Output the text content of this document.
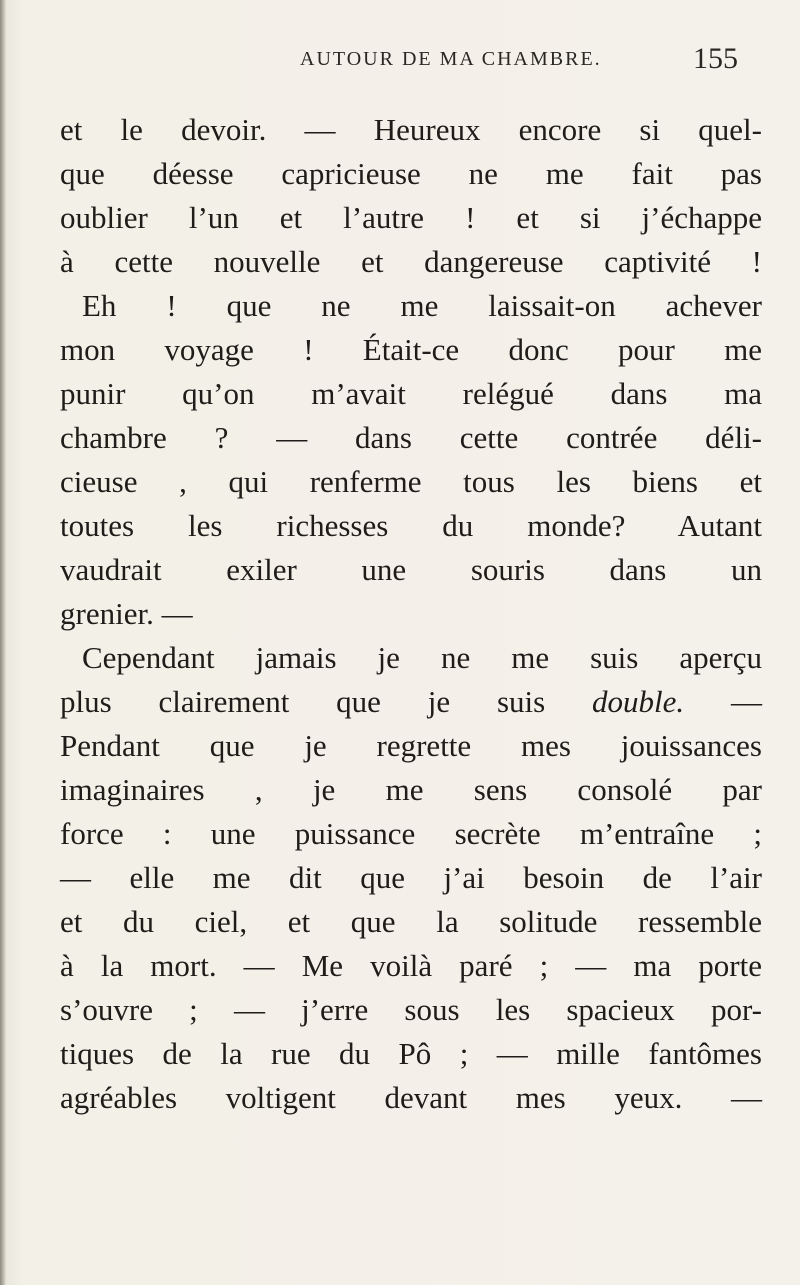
AUTOUR DE MA CHAMBRE.	155
et le devoir. — Heureux encore si quel-
que déesse capricieuse ne me fait pas
oublier l’un et l’autre ! et si j’échappe
à cette nouvelle et dangereuse captivité !
Eh ! que ne me laissait-on achever
mon voyage ! Était-ce donc pour me
punir qu’on m’avait relégué dans ma
chambre ? — dans cette contrée déli-
cieuse , qui renferme tous les biens et
toutes les richesses du monde? Autant
vaudrait exiler une souris dans un
grenier. —
Cependant jamais je ne me suis aperçu
plus clairement que je suis double. —
Pendant que je regrette mes jouissances
imaginaires , je me sens consolé par
force : une puissance secrète m’entraîne ;
— elle me dit que j’ai besoin de l’air
et du ciel, et que la solitude ressemble
à la mort. — Me voilà paré ; — ma porte
s’ouvre ; — j’erre sous les spacieux por-
tiques de la rue du Pô ; — mille fantômes
agréables voltigent devant mes yeux. —
